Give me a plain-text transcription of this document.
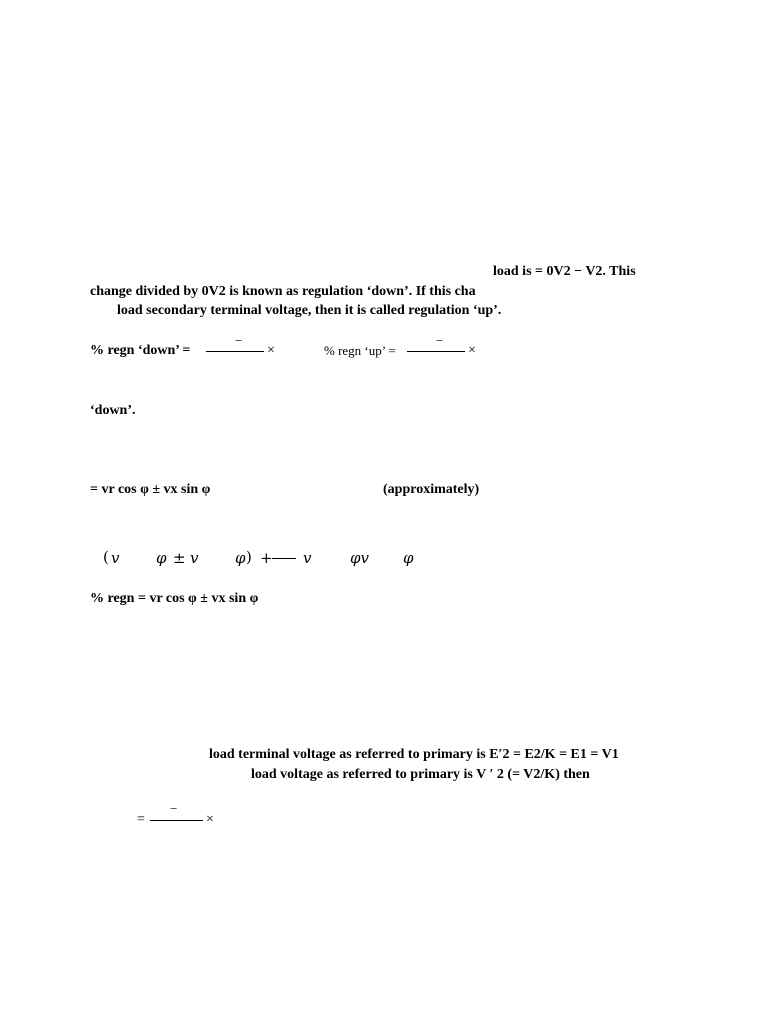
load is = 0V2 − V2. This
change divided by 0V2 is known as regulation ‘down’. If this cha
load secondary terminal voltage, then it is called regulation ‘up’.
% regn ‘down’ =
−
×	% regn ‘up’ =
−
×
‘down’.
= vr cos φ ± vx sin φ	(approximately)
( v φ ± v φ ) + v	φv φ
% regn = vr cos φ ± vx sin φ
load terminal voltage as referred to primary is E′2 = E2/K = E1 = V1
load voltage as referred to primary is V ′ 2 (= V2/K) then
=
−
×
